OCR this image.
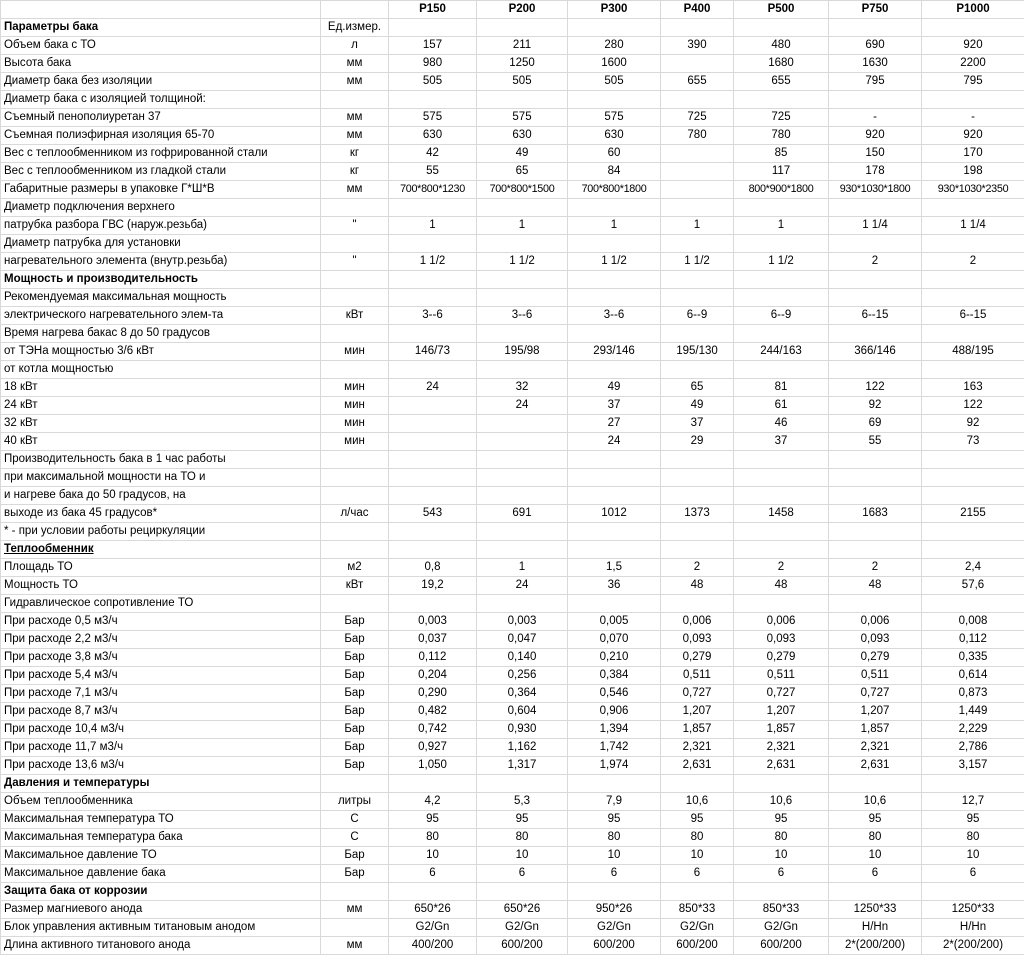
		Р150	Р200	Р300	Р400	Р500	Р750	Р1000
Параметры бака	Ед.измер.							
Объем бака с ТО	л	157	211	280	390	480	690	920
Высота бака	мм	980	1250	1600		1680	1630	2200
Диаметр бака без изоляции	мм	505	505	505	655	655	795	795
Диаметр бака с изоляцией толщиной:								
Съемный пенополиуретан 37	мм	575	575	575	725	725	-	-
Съемная полиэфирная изоляция 65-70	мм	630	630	630	780	780	920	920
Вес с теплообменником из гофрированной стали	кг	42	49	60		85	150	170
Вес с теплообменником из гладкой стали	кг	55	65	84		117	178	198
Габаритные размеры в упаковке Г*Ш*В	мм	700*800*1230	700*800*1500	700*800*1800		800*900*1800	930*1030*1800	930*1030*2350
Диаметр подключения верхнего								
патрубка разбора ГВС (наруж.резьба)	"	1	1	1	1	1	1 1/4	1 1/4
Диаметр патрубка для установки								
нагревательного элемента (внутр.резьба)	"	1 1/2	1 1/2	1 1/2	1 1/2	1 1/2	2	2
Мощность и производительность								
Рекомендуемая максимальная мощность								
электрического нагревательного элем-та	кВт	3--6	3--6	3--6	6--9	6--9	6--15	6--15
Время нагрева бакас 8 до 50 градусов								
от ТЭНа мощностью 3/6 кВт	мин	146/73	195/98	293/146	195/130	244/163	366/146	488/195
от котла мощностью								
18 кВт	мин	24	32	49	65	81	122	163
24 кВт	мин		24	37	49	61	92	122
32 кВт	мин			27	37	46	69	92
40 кВт	мин			24	29	37	55	73
Производительность бака в 1 час работы								
при максимальной мощности на ТО и								
и нагреве бака до 50 градусов, на								
выходе из бака 45 градусов*	л/час	543	691	1012	1373	1458	1683	2155
* - при условии работы рециркуляции								
Теплообменник								
Площадь ТО	м2	0,8	1	1,5	2	2	2	2,4
Мощность ТО	кВт	19,2	24	36	48	48	48	57,6
Гидравлическое сопротивление ТО								
При расходе 0,5 м3/ч	Бар	0,003	0,003	0,005	0,006	0,006	0,006	0,008
При расходе 2,2 м3/ч	Бар	0,037	0,047	0,070	0,093	0,093	0,093	0,112
При расходе 3,8 м3/ч	Бар	0,112	0,140	0,210	0,279	0,279	0,279	0,335
При расходе 5,4 м3/ч	Бар	0,204	0,256	0,384	0,511	0,511	0,511	0,614
При расходе 7,1 м3/ч	Бар	0,290	0,364	0,546	0,727	0,727	0,727	0,873
При расходе 8,7 м3/ч	Бар	0,482	0,604	0,906	1,207	1,207	1,207	1,449
При расходе 10,4 м3/ч	Бар	0,742	0,930	1,394	1,857	1,857	1,857	2,229
При расходе 11,7 м3/ч	Бар	0,927	1,162	1,742	2,321	2,321	2,321	2,786
При расходе 13,6 м3/ч	Бар	1,050	1,317	1,974	2,631	2,631	2,631	3,157
Давления и температуры								
Объем теплообменника	литры	4,2	5,3	7,9	10,6	10,6	10,6	12,7
Максимальная температура ТО	С	95	95	95	95	95	95	95
Максимальная температура бака	С	80	80	80	80	80	80	80
Максимальное давление ТО	Бар	10	10	10	10	10	10	10
Максимальное давление бака	Бар	6	6	6	6	6	6	6
Защита бака от коррозии								
Размер магниевого анода	мм	650*26	650*26	950*26	850*33	850*33	1250*33	1250*33
Блок управления активным титановым анодом		G2/Gn	G2/Gn	G2/Gn	G2/Gn	G2/Gn	H/Hn	H/Hn
Длина активного титанового анода	мм	400/200	600/200	600/200	600/200	600/200	2*(200/200)	2*(200/200)
